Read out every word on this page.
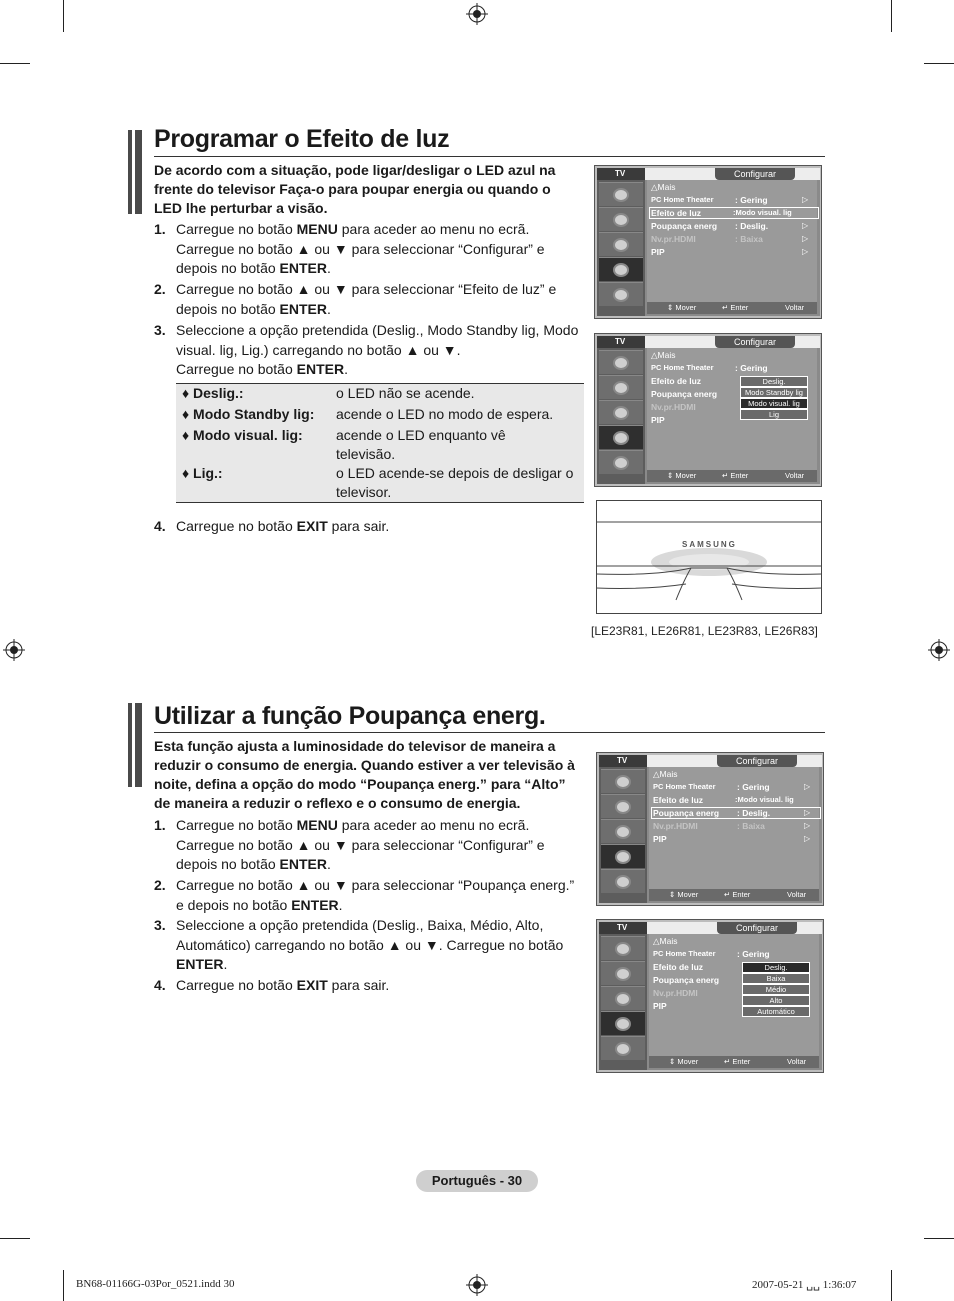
Programar o Efeito de luz
De acordo com a situação, pode ligar/desligar o LED azul na frente do televisor Faça-o para poupar energia ou quando o LED lhe perturbar a visão.
1. Carregue no botão MENU para aceder ao menu no ecrã.
Carregue no botão ▲ ou ▼ para seleccionar “Configurar” e
depois no botão ENTER.
2. Carregue no botão ▲ ou ▼ para seleccionar “Efeito de luz” e
depois no botão ENTER.
3. Seleccione a opção pretendida (Deslig., Modo Standby lig, Modo
visual. lig, Lig.) carregando no botão ▲ ou ▼.
Carregue no botão ENTER.
4. Carregue no botão EXIT para sair.
♦ Deslig.:	o LED não se acende.
♦ Modo Standby lig: acende o LED no modo de espera.
♦ Modo visual. lig: acende o LED enquanto vê televisão.
♦ Lig.:	o LED acende-se depois de desligar o televisor.
TV	Configurar
△Mais
PC Home Theater
Efeito de luz
Poupança energ
Nv.pr.HDMI
PIP
: Gering
:Modo visual. lig
: Deslig.
: Baixa
▷
▷
▷
▷
⇕ Mover	↵ Enter	Voltar
TV	Configurar
△Mais
PC Home Theater
Efeito de luz
Poupança energ
Nv.pr.HDMI
PIP
: Gering
Deslig.
Modo Standby lig
Modo visual. lig
Lig
⇕ Mover	↵ Enter	Voltar
SAMSUNG
[LE23R81, LE26R81, LE23R83, LE26R83]
Utilizar a função Poupança energ.
Esta função ajusta a luminosidade do televisor de maneira a reduzir o consumo de energia. Quando estiver a ver televisão à noite, defina a opção do modo “Poupança energ.” para “Alto” de maneira a reduzir o reflexo e o consumo de energia.
1. Carregue no botão MENU para aceder ao menu no ecrã.
Carregue no botão ▲ ou ▼ para seleccionar “Configurar” e
depois no botão ENTER.
2. Carregue no botão ▲ ou ▼ para seleccionar “Poupança energ.”
e depois no botão ENTER.
3. Seleccione a opção pretendida (Deslig., Baixa, Médio, Alto,
Automático) carregando no botão ▲ ou ▼. Carregue no botão
ENTER.
4. Carregue no botão EXIT para sair.
TV	Configurar
△Mais
PC Home Theater
Efeito de luz
Poupança energ
Nv.pr.HDMI
PIP
: Gering
:Modo visual. lig
: Deslig.
: Baixa
▷
▷
▷
▷
⇕ Mover	↵ Enter	Voltar
TV	Configurar
△Mais
PC Home Theater
Efeito de luz
Poupança energ
Nv.pr.HDMI
PIP
: Gering
Deslig.
Baixa
Médio
Alto
Automático
⇕ Mover	↵ Enter	Voltar
Português - 30
BN68-01166G-03Por_0521.indd 30	2007-05-21 ␣␣ 1:36:07
